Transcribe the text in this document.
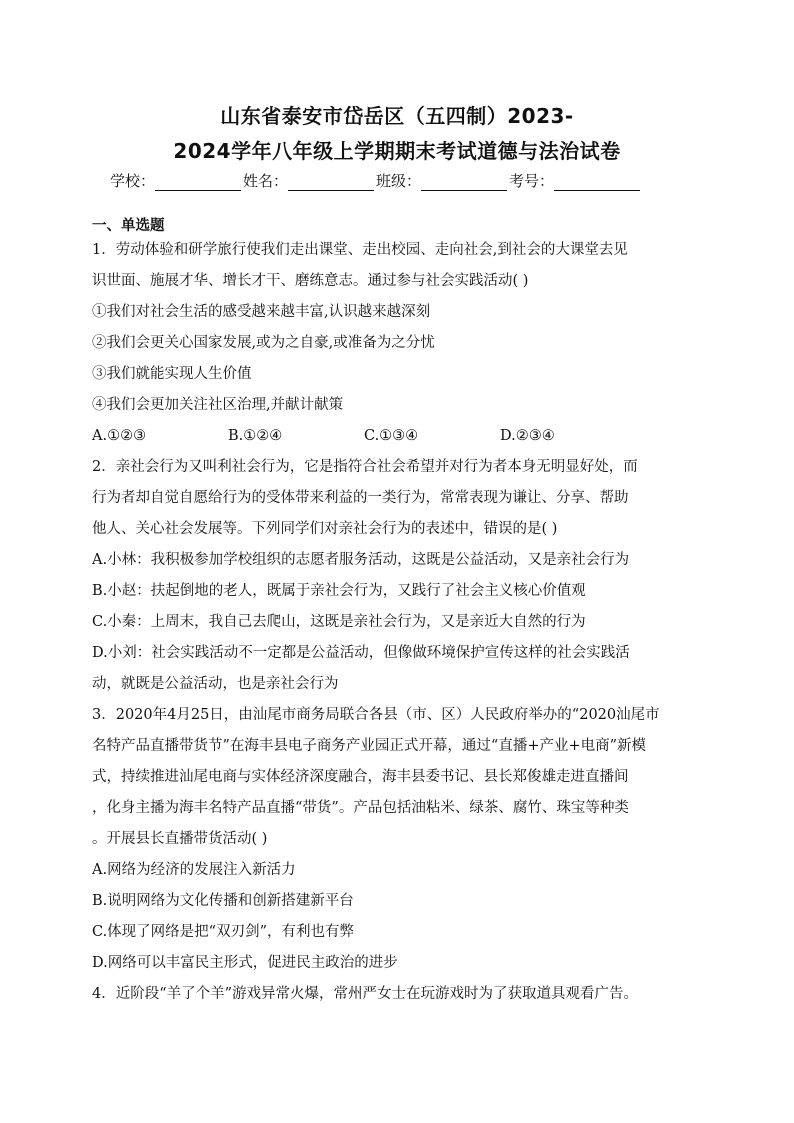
山东省泰安市岱岳区（五四制）2023-
2024学年八年级上学期期末考试道德与法治试卷
学校：	姓名：	班级：	考号：
一、单选题
1．劳动体验和研学旅行使我们走出课堂、走出校园、走向社会,到社会的大课堂去见
识世面、施展才华、增长才干、磨练意志。通过参与社会实践活动( )
①我们对社会生活的感受越来越丰富,认识越来越深刻
②我们会更关心国家发展,或为之自豪,或准备为之分忧
③我们就能实现人生价值
④我们会更加关注社区治理,并献计献策
A.①②③	B.①②④	C.①③④	D.②③④
2．亲社会行为又叫利社会行为，它是指符合社会希望并对行为者本身无明显好处，而
行为者却自觉自愿给行为的受体带来利益的一类行为，常常表现为谦让、分享、帮助
他人、关心社会发展等。下列同学们对亲社会行为的表述中，错误的是( )
A.小林：我积极参加学校组织的志愿者服务活动，这既是公益活动，又是亲社会行为
B.小赵：扶起倒地的老人，既属于亲社会行为，又践行了社会主义核心价值观
C.小秦：上周末，我自己去爬山，这既是亲社会行为，又是亲近大自然的行为
D.小刘：社会实践活动不一定都是公益活动，但像做环境保护宣传这样的社会实践活
动，就既是公益活动，也是亲社会行为
3．2020年4月25日，由汕尾市商务局联合各县（市、区）人民政府举办的“2020汕尾市
名特产品直播带货节”在海丰县电子商务产业园正式开幕，通过“直播+产业+电商”新模
式，持续推进汕尾电商与实体经济深度融合，海丰县委书记、县长郑俊雄走进直播间
，化身主播为海丰名特产品直播“带货”。产品包括油粘米、绿茶、腐竹、珠宝等种类
。开展县长直播带货活动( )
A.网络为经济的发展注入新活力
B.说明网络为文化传播和创新搭建新平台
C.体现了网络是把“双刃剑”，有利也有弊
D.网络可以丰富民主形式，促进民主政治的进步
4．近阶段“羊了个羊”游戏异常火爆，常州严女士在玩游戏时为了获取道具观看广告。
